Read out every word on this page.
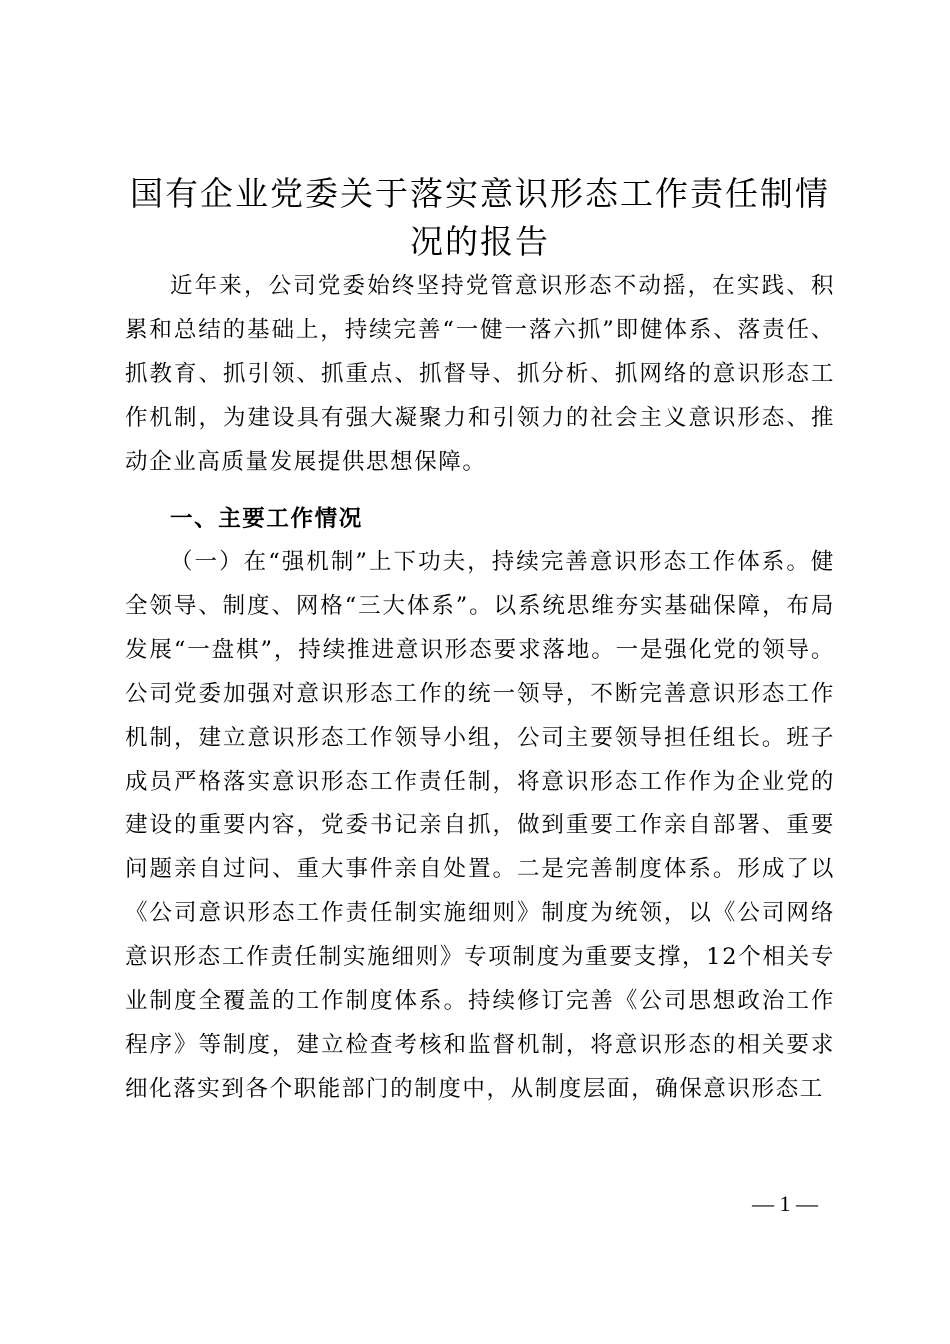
国有企业党委关于落实意识形态工作责任制情况的报告

近年来，公司党委始终坚持党管意识形态不动摇，在实践、积累和总结的基础上，持续完善“一健一落六抓”即健体系、落责任、抓教育、抓引领、抓重点、抓督导、抓分析、抓网络的意识形态工作机制，为建设具有强大凝聚力和引领力的社会主义意识形态、推动企业高质量发展提供思想保障。

一、主要工作情况

（一）在“强机制”上下功夫，持续完善意识形态工作体系。健全领导、制度、网格“三大体系”。以系统思维夯实基础保障，布局发展“一盘棋”，持续推进意识形态要求落地。一是强化党的领导。公司党委加强对意识形态工作的统一领导，不断完善意识形态工作机制，建立意识形态工作领导小组，公司主要领导担任组长。班子成员严格落实意识形态工作责任制，将意识形态工作作为企业党的建设的重要内容，党委书记亲自抓，做到重要工作亲自部署、重要问题亲自过问、重大事件亲自处置。二是完善制度体系。形成了以《公司意识形态工作责任制实施细则》制度为统领，以《公司网络意识形态工作责任制实施细则》专项制度为重要支撑，12个相关专业制度全覆盖的工作制度体系。持续修订完善《公司思想政治工作程序》等制度，建立检查考核和监督机制，将意识形态的相关要求细化落实到各个职能部门的制度中，从制度层面，确保意识形态工

— 1 —
